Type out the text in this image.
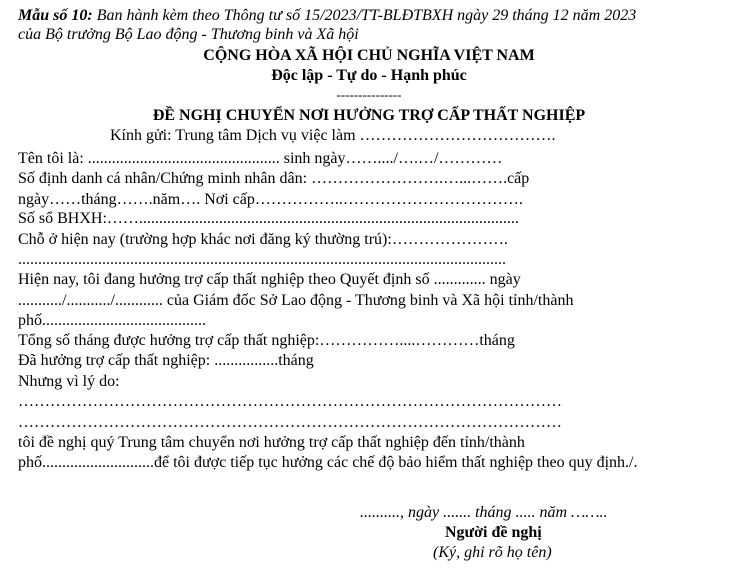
Mẫu số 10: Ban hành kèm theo Thông tư số 15/2023/TT-BLĐTBXH ngày 29 tháng 12 năm 2023
của Bộ trưởng Bộ Lao động - Thương binh và Xã hội
CỘNG HÒA XÃ HỘI CHỦ NGHĨA VIỆT NAM
Độc lập - Tự do - Hạnh phúc
---------------
ĐỀ NGHỊ CHUYỂN NƠI HƯỞNG TRỢ CẤP THẤT NGHIỆP
Kính gửi: Trung tâm Dịch vụ việc làm ……………………………….
Tên tôi là: ................................................ sinh ngày……..../….…/…………
Số định danh cá nhân/Chứng minh nhân dân: …………………….…...…….cấp
ngày……tháng…….năm…. Nơi cấp……………..…………………………….
Số sổ BHXH:……...............................................................................................
Chỗ ở hiện nay (trường hợp khác nơi đăng ký thường trú):………………….
..........................................................................................................................
Hiện nay, tôi đang hưởng trợ cấp thất nghiệp theo Quyết định số ............. ngày
.........../.........../............ của Giám đốc Sở Lao động - Thương binh và Xã hội tỉnh/thành
phố.........................................
Tổng số tháng được hưởng trợ cấp thất nghiệp:……………....…………tháng
Đã hưởng trợ cấp thất nghiệp: ................tháng
Nhưng vì lý do:
…………………………………………………………………………………………
…………………………………………………………………………………………
tôi đề nghị quý Trung tâm chuyển nơi hưởng trợ cấp thất nghiệp đến tỉnh/thành
phố............................để tôi được tiếp tục hưởng các chế độ bảo hiểm thất nghiệp theo quy định./.
.........., ngày ....... tháng ..... năm ……..
Người đề nghị
(Ký, ghi rõ họ tên)
